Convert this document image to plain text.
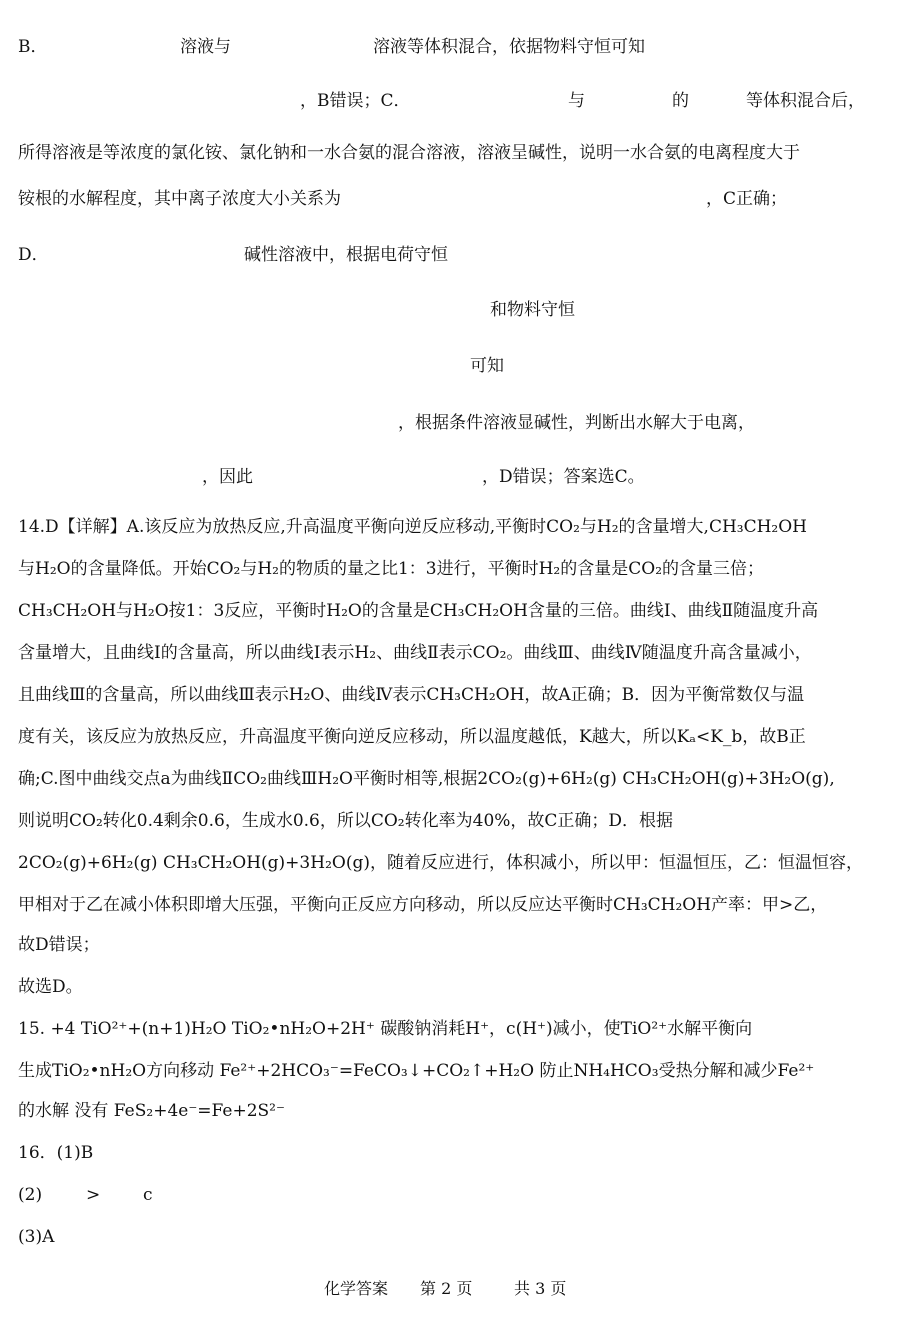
B．	溶液与	溶液等体积混合，依据物料守恒可知
，B错误；C．	与	的	等体积混合后，
所得溶液是等浓度的氯化铵、氯化钠和一水合氨的混合溶液，溶液呈碱性，说明一水合氨的电离程度大于
铵根的水解程度，其中离子浓度大小关系为	，C正确；
D．	碱性溶液中，根据电荷守恒
和物料守恒
可知
，根据条件溶液显碱性，判断出水解大于电离，
，因此	，D错误；答案选C。
14.D【详解】A.该反应为放热反应,升高温度平衡向逆反应移动,平衡时CO₂与H₂的含量增大,CH₃CH₂OH
与H₂O的含量降低。开始CO₂与H₂的物质的量之比1：3进行，平衡时H₂的含量是CO₂的含量三倍；
CH₃CH₂OH与H₂O按1：3反应，平衡时H₂O的含量是CH₃CH₂OH含量的三倍。曲线Ⅰ、曲线Ⅱ随温度升高
含量增大，且曲线Ⅰ的含量高，所以曲线Ⅰ表示H₂、曲线Ⅱ表示CO₂。曲线Ⅲ、曲线Ⅳ随温度升高含量减小，
且曲线Ⅲ的含量高，所以曲线Ⅲ表示H₂O、曲线Ⅳ表示CH₃CH₂OH，故A正确；B．因为平衡常数仅与温
度有关，该反应为放热反应，升高温度平衡向逆反应移动，所以温度越低，K越大，所以Kₐ<K_b，故B正
确;C.图中曲线交点a为曲线ⅡCO₂曲线ⅢH₂O平衡时相等,根据2CO₂(g)+6H₂(g) CH₃CH₂OH(g)+3H₂O(g),
则说明CO₂转化0.4剩余0.6，生成水0.6，所以CO₂转化率为40%，故C正确；D．根据
2CO₂(g)+6H₂(g) CH₃CH₂OH(g)+3H₂O(g)，随着反应进行，体积减小，所以甲：恒温恒压，乙：恒温恒容，
甲相对于乙在减小体积即增大压强，平衡向正反应方向移动，所以反应达平衡时CH₃CH₂OH产率：甲>乙，
故D错误；
故选D。
15. +4 TiO²⁺+(n+1)H₂O TiO₂•nH₂O+2H⁺ 碳酸钠消耗H⁺，c(H⁺)减小，使TiO²⁺水解平衡向
生成TiO₂•nH₂O方向移动 Fe²⁺+2HCO₃⁻=FeCO₃↓+CO₂↑+H₂O 防止NH₄HCO₃受热分解和减少Fe²⁺
的水解 没有 FeS₂+4e⁻=Fe+2S²⁻
16．(1)B
(2)	>	c
(3)A
化学答案 第 2 页	共 3 页
